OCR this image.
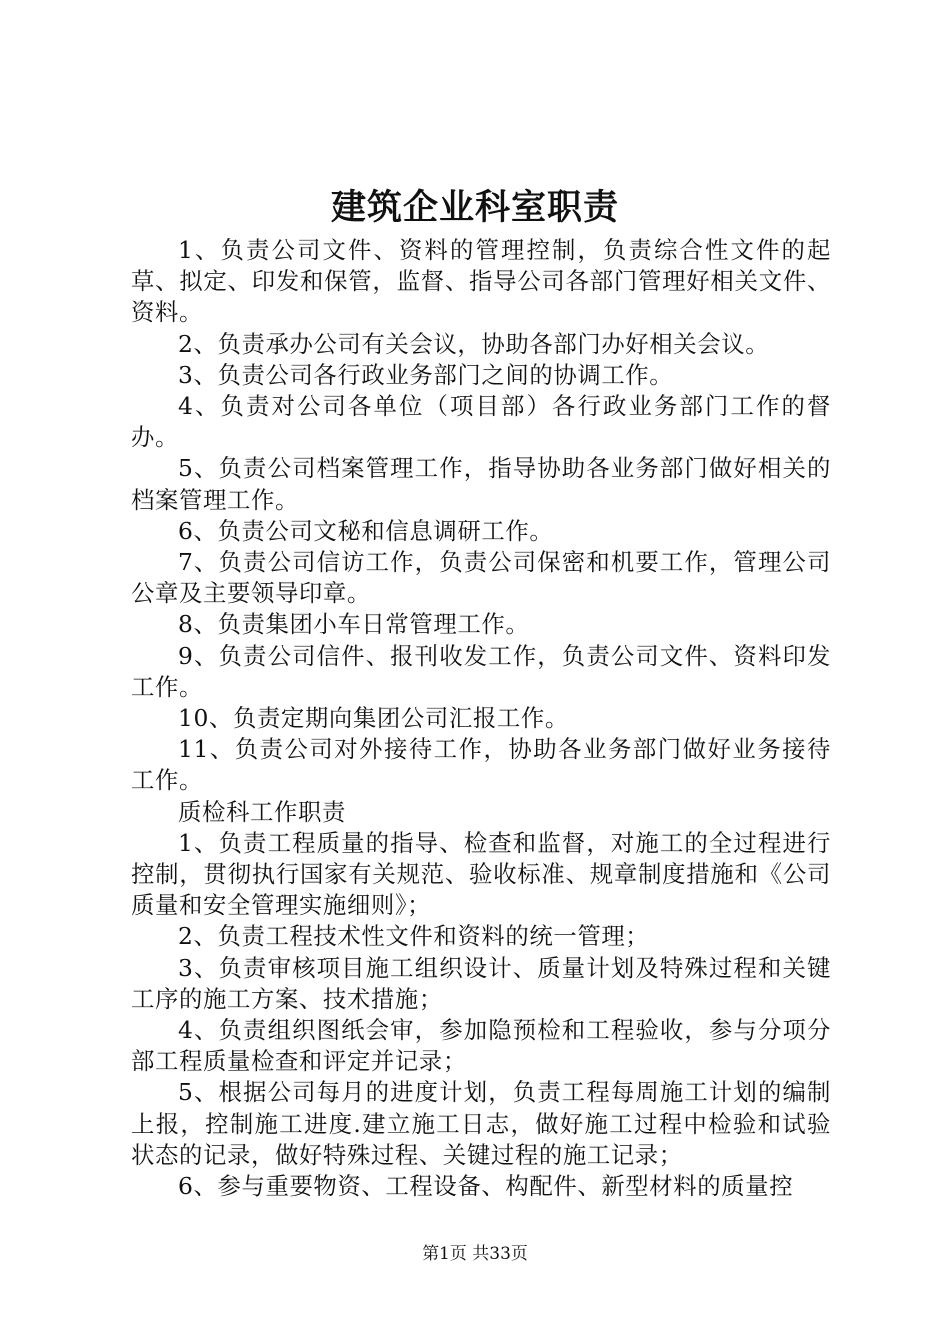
建筑企业科室职责

1、负责公司文件、资料的管理控制，负责综合性文件的起草、拟定、印发和保管，监督、指导公司各部门管理好相关文件、资料。

2、负责承办公司有关会议，协助各部门办好相关会议。

3、负责公司各行政业务部门之间的协调工作。

4、负责对公司各单位（项目部）各行政业务部门工作的督办。

5、负责公司档案管理工作，指导协助各业务部门做好相关的档案管理工作。

6、负责公司文秘和信息调研工作。

7、负责公司信访工作，负责公司保密和机要工作，管理公司公章及主要领导印章。

8、负责集团小车日常管理工作。

9、负责公司信件、报刊收发工作，负责公司文件、资料印发工作。

10、负责定期向集团公司汇报工作。

11、负责公司对外接待工作，协助各业务部门做好业务接待工作。

质检科工作职责

1、负责工程质量的指导、检查和监督，对施工的全过程进行控制，贯彻执行国家有关规范、验收标准、规章制度措施和《公司质量和安全管理实施细则》；

2、负责工程技术性文件和资料的统一管理；

3、负责审核项目施工组织设计、质量计划及特殊过程和关键工序的施工方案、技术措施；

4、负责组织图纸会审，参加隐预检和工程验收，参与分项分部工程质量检查和评定并记录；

5、根据公司每月的进度计划，负责工程每周施工计划的编制上报，控制施工进度.建立施工日志，做好施工过程中检验和试验状态的记录，做好特殊过程、关键过程的施工记录；

6、参与重要物资、工程设备、构配件、新型材料的质量控

第1页 共33页
